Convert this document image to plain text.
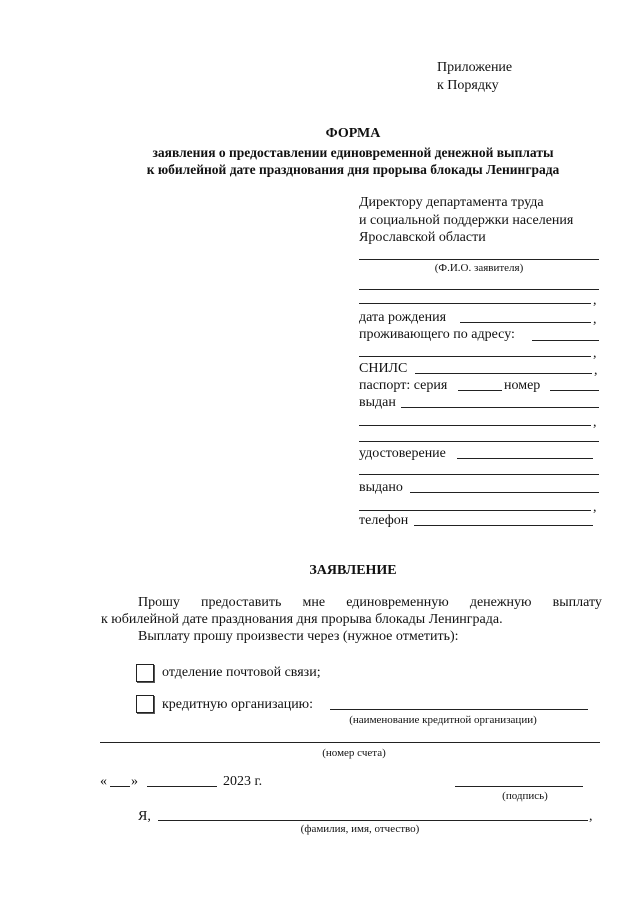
Приложение
к Порядку
ФОРМА
заявления о предоставлении единовременной денежной выплаты
к юбилейной дате празднования дня прорыва блокады Ленинграда
Директору департамента труда
и социальной поддержки населения
Ярославской области
(Ф.И.О. заявителя)
,
дата рождения	,
проживающего по адресу:
,
СНИЛС	,
паспорт: серия	номер
выдан
,
удостоверение
выдано
,
телефон
ЗАЯВЛЕНИЕ
Прошу предоставить мне единовременную денежную выплату
к юбилейной дате празднования дня прорыва блокады Ленинграда.
Выплату прошу произвести через (нужное отметить):
отделение почтовой связи;
кредитную организацию:
(наименование кредитной организации)
(номер счета)
« »	2023 г.
(подпись)
Я,	,
(фамилия, имя, отчество)
